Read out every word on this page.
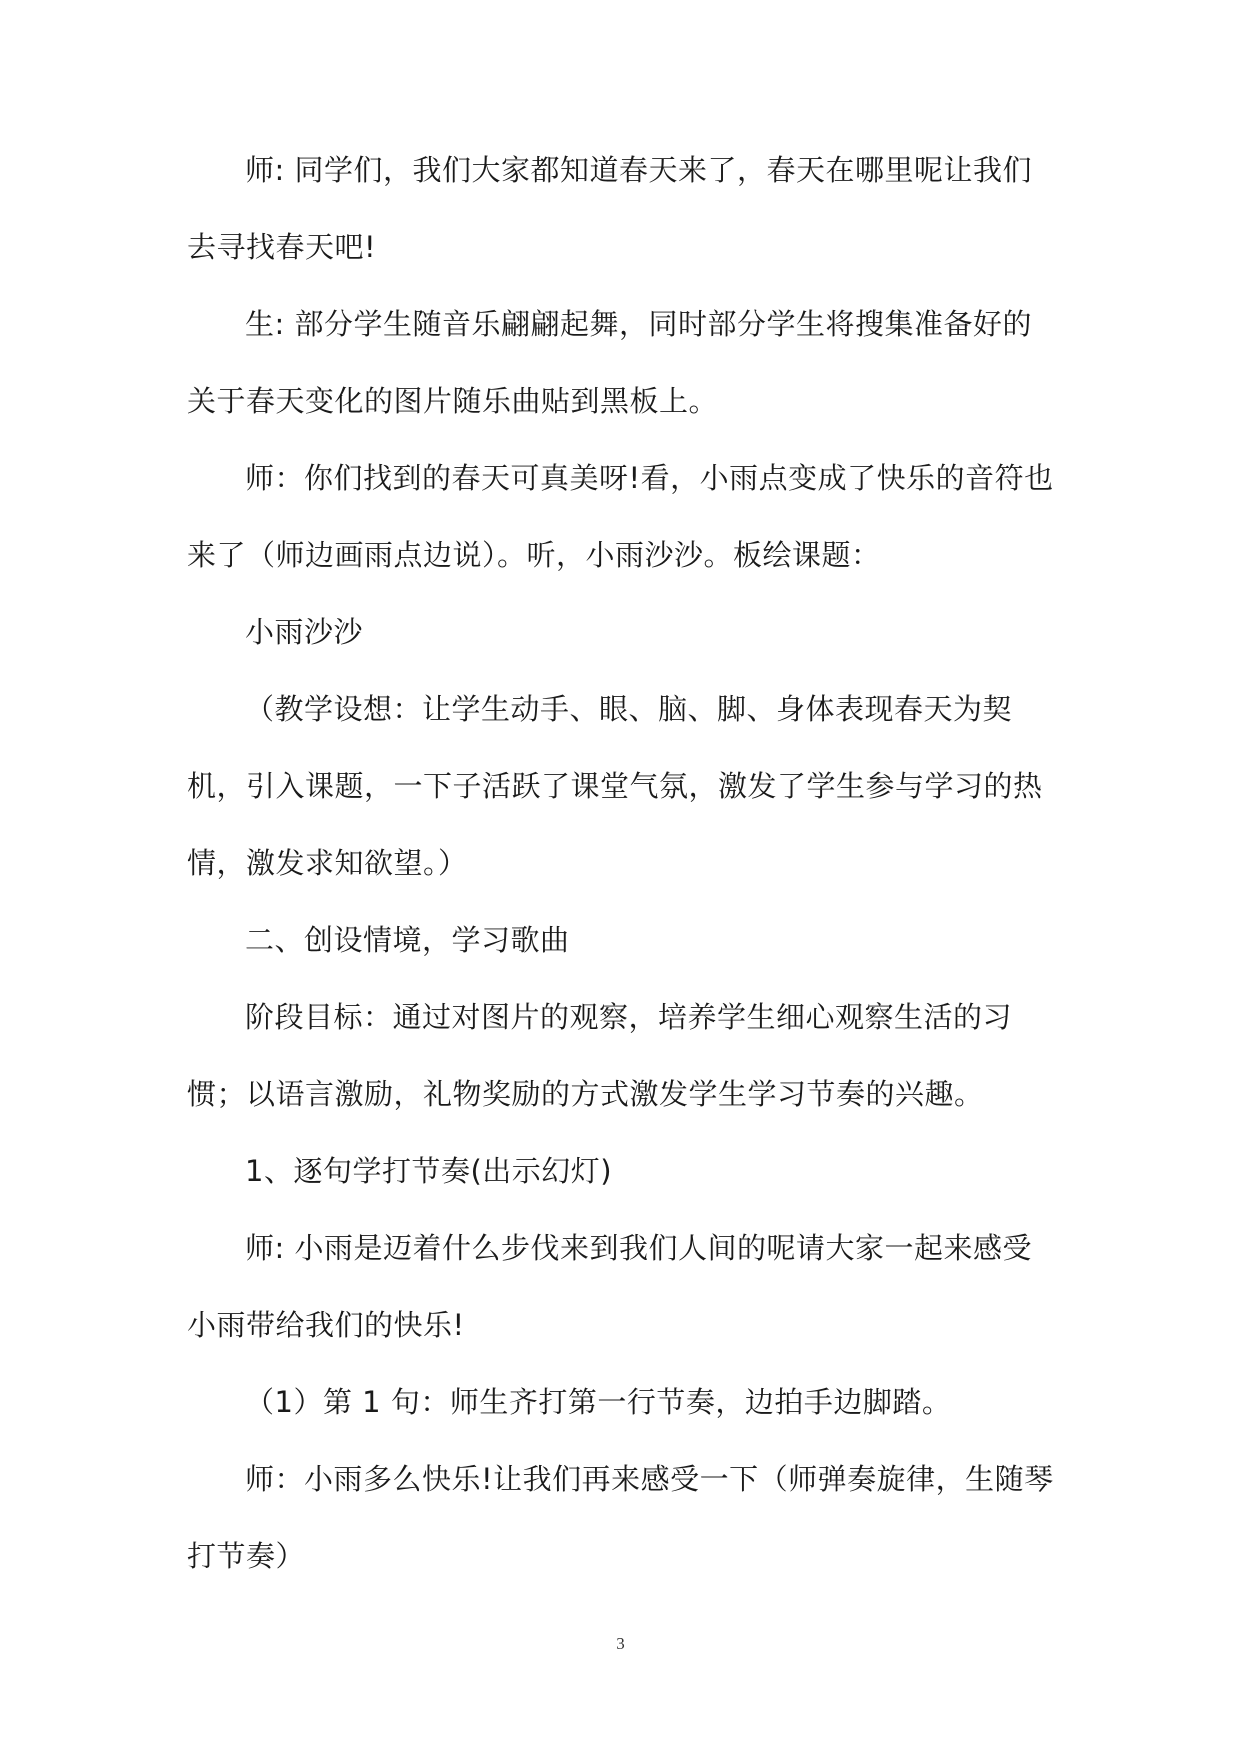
师: 同学们，我们大家都知道春天来了，春天在哪里呢让我们去寻找春天吧!

生: 部分学生随音乐翩翩起舞，同时部分学生将搜集准备好的关于春天变化的图片随乐曲贴到黑板上。

师：你们找到的春天可真美呀!看，小雨点变成了快乐的音符也来了（师边画雨点边说）。听，小雨沙沙。板绘课题：

小雨沙沙

（教学设想：让学生动手、眼、脑、脚、身体表现春天为契机，引入课题，一下子活跃了课堂气氛，激发了学生参与学习的热情，激发求知欲望。）

二、创设情境，学习歌曲

阶段目标：通过对图片的观察，培养学生细心观察生活的习惯；以语言激励，礼物奖励的方式激发学生学习节奏的兴趣。

1、逐句学打节奏(出示幻灯)

师: 小雨是迈着什么步伐来到我们人间的呢请大家一起来感受小雨带给我们的快乐!

（1）第 1 句：师生齐打第一行节奏，边拍手边脚踏。

师：小雨多么快乐!让我们再来感受一下（师弹奏旋律，生随琴打节奏）

3
